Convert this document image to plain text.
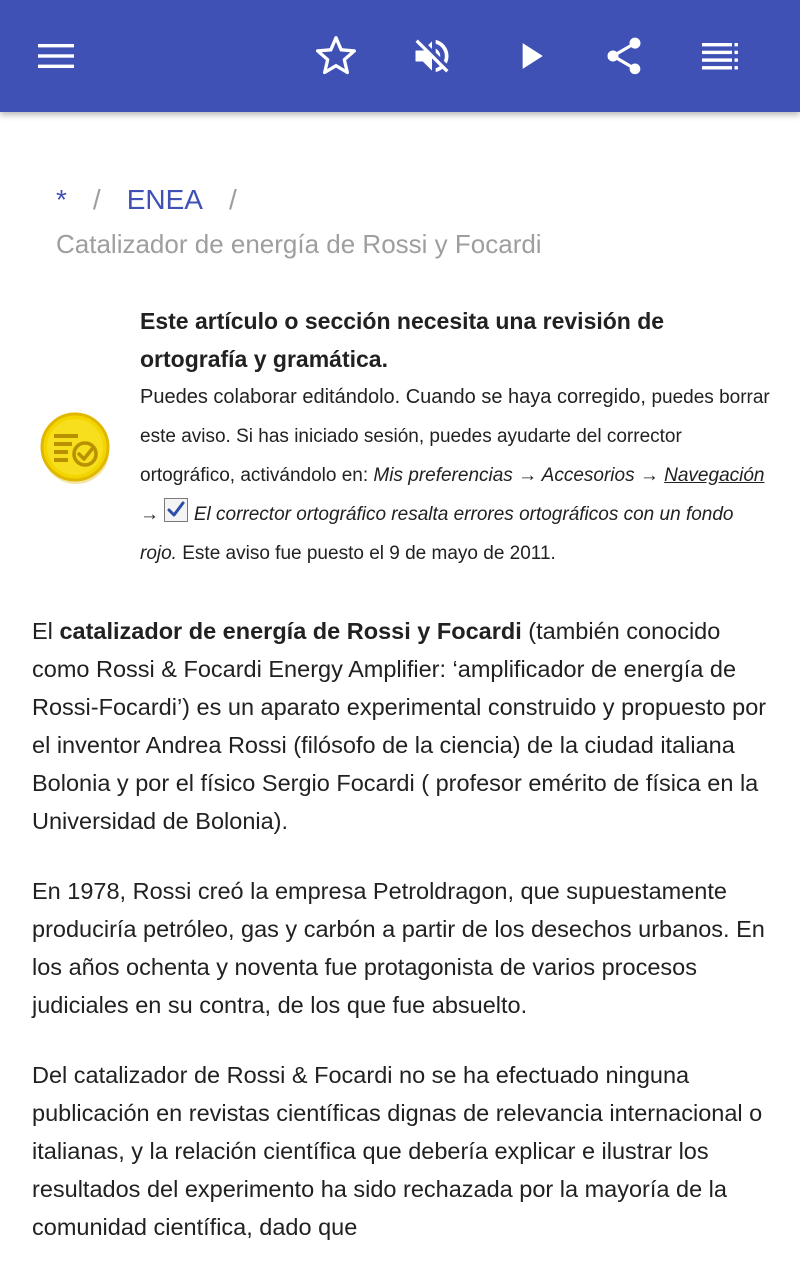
* / ENEA /
Catalizador de energía de Rossi y Focardi

Este artículo o sección necesita una revisión de ortografía y gramática.

Puedes colaborar editándolo. Cuando se haya corregido, puedes borrar este aviso. Si has iniciado sesión, puedes ayudarte del corrector ortográfico, activándolo en: Mis preferencias → Accesorios → Navegación →
El corrector ortográfico resalta errores ortográficos con un fondo rojo. Este aviso fue puesto el 9 de mayo de 2011.

El catalizador de energía de Rossi y Focardi (también conocido como Rossi & Focardi Energy Amplifier: ‘amplificador de energía de Rossi-Focardi’) es un aparato experimental construido y propuesto por el inventor Andrea Rossi (filósofo de la ciencia) de la ciudad italiana Bolonia y por el físico Sergio Focardi ( profesor emérito de física en la Universidad de Bolonia).

En 1978, Rossi creó la empresa Petroldragon, que supuestamente produciría petróleo, gas y carbón a partir de los desechos urbanos. En los años ochenta y noventa fue protagonista de varios procesos judiciales en su contra, de los que fue absuelto.

Del catalizador de Rossi & Focardi no se ha efectuado ninguna publicación en revistas científicas dignas de relevancia internacional o italianas, y la relación científica que debería explicar e ilustrar los resultados del experimento ha sido rechazada por la mayoría de la comunidad científica, dado que
